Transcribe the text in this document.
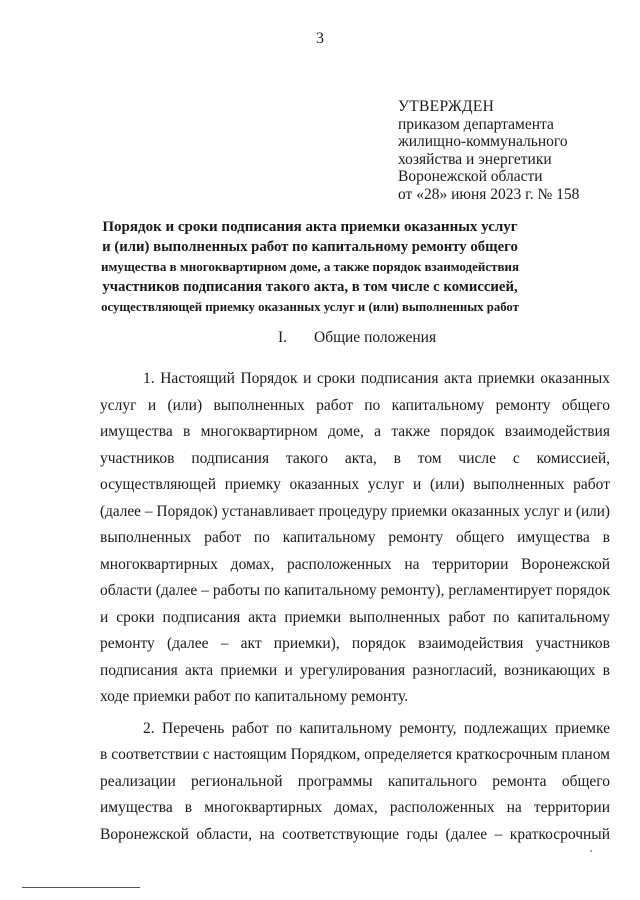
3
УТВЕРЖДЕН
приказом департамента
жилищно-коммунального
хозяйства и энергетики
Воронежской области
от «28» июня 2023 г. № 158
Порядок и сроки подписания акта приемки оказанных услуг
и (или) выполненных работ по капитальному ремонту общего
имущества в многоквартирном доме, а также порядок взаимодействия
участников подписания такого акта, в том числе с комиссией,
осуществляющей приемку оказанных услуг и (или) выполненных работ
I. Общие положения
1. Настоящий Порядок и сроки подписания акта приемки оказанных
услуг и (или) выполненных работ по капитальному ремонту общего
имущества в многоквартирном доме, а также порядок взаимодействия
участников подписания такого акта, в том числе с комиссией,
осуществляющей приемку оказанных услуг и (или) выполненных работ
(далее – Порядок) устанавливает процедуру приемки оказанных услуг и (или)
выполненных работ по капитальному ремонту общего имущества в
многоквартирных домах, расположенных на территории Воронежской
области (далее – работы по капитальному ремонту), регламентирует порядок
и сроки подписания акта приемки выполненных работ по капитальному
ремонту (далее – акт приемки), порядок взаимодействия участников
подписания акта приемки и урегулирования разногласий, возникающих в
ходе приемки работ по капитальному ремонту.
2. Перечень работ по капитальному ремонту, подлежащих приемке
в соответствии с настоящим Порядком, определяется краткосрочным планом
реализации региональной программы капитального ремонта общего
имущества в многоквартирных домах, расположенных на территории
Воронежской области, на соответствующие годы (далее – краткосрочный
